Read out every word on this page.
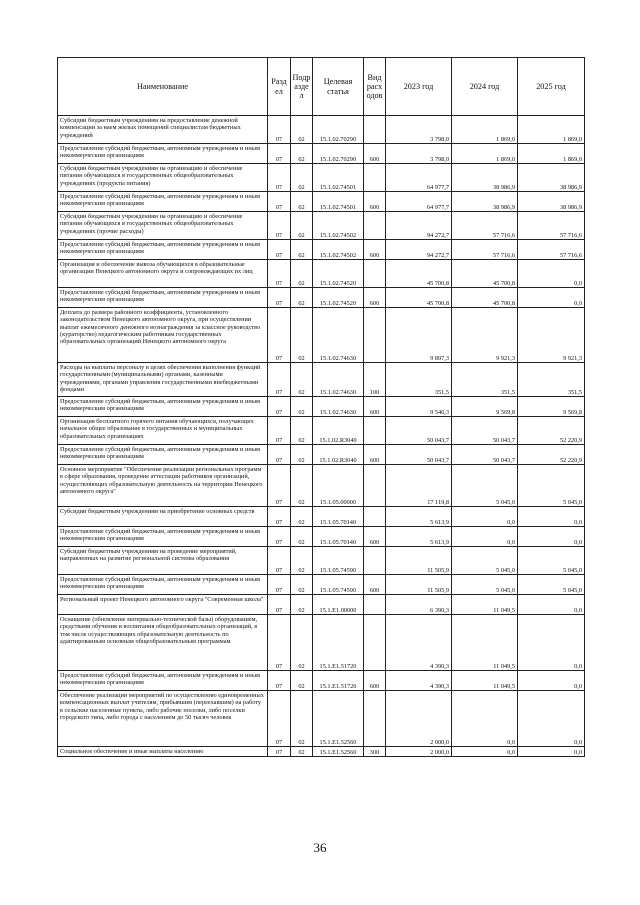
Наименование	Разд ел	Подр азде л	Целевая статья	Вид расх одов	2023 год	2024 год	2025 год
Субсидии бюджетным учреждениям на предоставление денежной компенсации за наем жилых помещений специалистам бюджетных учреждений	07	02	15.1.02.70290		3 798,0	1 869,0	1 869,0
Предоставление субсидий бюджетным, автономным учреждениям и иным некоммерческим организациям	07	02	15.1.02.70290	600	3 798,0	1 869,0	1 869,0
Субсидии бюджетным учреждениям на организацию и обеспечение питания обучающихся в государственных общеобразовательных учреждениях (продукты питания)	07	02	15.1.02.74501		64 977,7	38 986,9	38 986,9
Предоставление субсидий бюджетным, автономным учреждениям и иным некоммерческим организациям	07	02	15.1.02.74501	600	64 977,7	38 986,9	38 986,9
Субсидии бюджетным учреждениям на организацию и обеспечение питания обучающихся в государственных общеобразовательных учреждениях (прочие расходы)	07	02	15.1.02.74502		94 272,7	57 716,6	57 716,6
Предоставление субсидий бюджетным, автономным учреждениям и иным некоммерческим организациям	07	02	15.1.02.74502	600	94 272,7	57 716,6	57 716,6
Организация и обеспечение вывоза обучающихся в образовательные организации Ненецкого автономного округа и сопровождающих их лиц	07	02	15.1.02.74520		45 700,8	45 700,8	0,0
Предоставление субсидий бюджетным, автономным учреждениям и иным некоммерческим организациям	07	02	15.1.02.74520	600	45 700,8	45 700,8	0,0
Доплата до размера районного коэффициента, установленного законодательством Ненецкого автономного округа, при осуществлении выплат ежемесячного денежного вознаграждения за классное руководство (кураторство) педагогическим работникам государственных образовательных организаций Ненецкого автономного округа	07	02	15.1.02.74630		9 897,3	9 921,3	9 921,3
Расходы на выплаты персоналу в целях обеспечения выполнения функций государственными (муниципальными) органами, казенными учреждениями, органами управления государственными внебюджетными фондами	07	02	15.1.02.74630	100	351,5	351,5	351,5
Предоставление субсидий бюджетным, автономным учреждениям и иным некоммерческим организациям	07	02	15.1.02.74630	600	9 546,3	9 569,8	9 569,8
Организация бесплатного горячего питания обучающихся, получающих начальное общее образование в государственных и муниципальных образовательных организациях	07	02	15.1.02.R3040		50 043,7	50 043,7	52 220,9
Предоставление субсидий бюджетным, автономным учреждениям и иным некоммерческим организациям	07	02	15.1.02.R3040	600	50 043,7	50 043,7	52 220,9
Основное мероприятие "Обеспечение реализации региональных программ в сфере образования, проведение аттестации работников организаций, осуществляющих образовательную деятельность на территории Ненецкого автономного округа"	07	02	15.1.05.00000		17 119,8	5 045,0	5 045,0
Субсидии бюджетным учреждениям на приобретение основных средств	07	02	15.1.05.70140		5 613,9	0,0	0,0
Предоставление субсидий бюджетным, автономным учреждениям и иным некоммерческим организациям	07	02	15.1.05.70140	600	5 613,9	0,0	0,0
Субсидии бюджетным учреждениям на проведение мероприятий, направленных на развитие региональной системы образования	07	02	15.1.05.74590		11 505,9	5 045,0	5 045,0
Предоставление субсидий бюджетным, автономным учреждениям и иным некоммерческим организациям	07	02	15.1.05.74590	600	11 505,9	5 045,0	5 045,0
Региональный проект Ненецкого автономного округа "Современная школа"	07	02	15.1.E1.00000		6 390,3	11 049,5	0,0
Оснащение (обновление материально-технической базы) оборудованием, средствами обучения и воспитания общеобразовательных организаций, в том числе осуществляющих образовательную деятельность по адаптированным основным общеобразовательным программам	07	02	15.1.E1.51720		4 390,3	11 049,5	0,0
Предоставление субсидий бюджетным, автономным учреждениям и иным некоммерческим организациям	07	02	15.1.E1.51720	600	4 390,3	11 049,5	0,0
Обеспечение реализации мероприятий по осуществлению единовременных компенсационных выплат учителям, прибывшим (переехавшим) на работу в сельские населенные пункты, либо рабочие поселки, либо поселки городского типа, либо города с населением до 50 тысяч человек	07	02	15.1.E1.52560		2 000,0	0,0	0,0
Социальное обеспечение и иные выплаты населению	07	02	15.1.E1.52560	300	2 000,0	0,0	0,0
36
